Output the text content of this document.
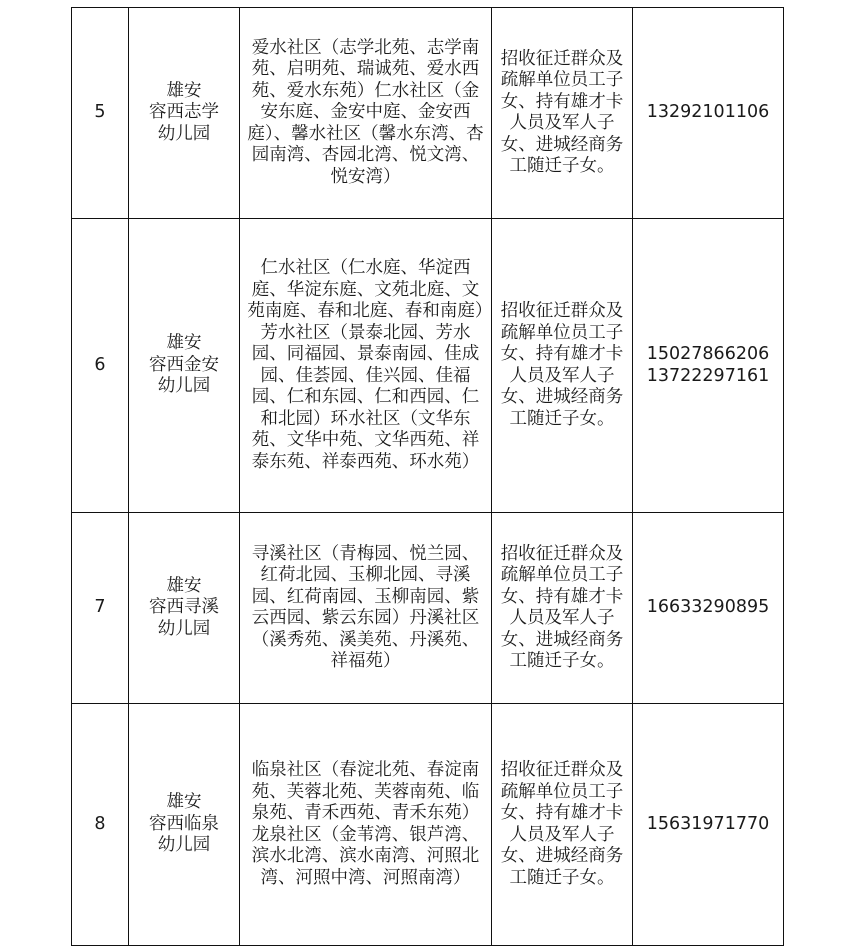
5	雄安
容西志学
幼儿园	爱水社区（志学北苑、志学南苑、启明苑、瑞诚苑、爱水西苑、爱水东苑）仁水社区（金安东庭、金安中庭、金安西庭）、馨水社区（馨水东湾、杏园南湾、杏园北湾、悦文湾、悦安湾）	招收征迁群众及疏解单位员工子女、持有雄才卡人员及军人子女、进城经商务工随迁子女。	13292101106

6	雄安
容西金安
幼儿园	仁水社区（仁水庭、华淀西庭、华淀东庭、文苑北庭、文苑南庭、春和北庭、春和南庭）芳水社区（景泰北园、芳水园、同福园、景泰南园、佳成园、佳荟园、佳兴园、佳福园、仁和东园、仁和西园、仁和北园）环水社区（文华东苑、文华中苑、文华西苑、祥泰东苑、祥泰西苑、环水苑）	招收征迁群众及疏解单位员工子女、持有雄才卡人员及军人子女、进城经商务工随迁子女。	15027866206
13722297161

7	雄安
容西寻溪
幼儿园	寻溪社区（青梅园、悦兰园、红荷北园、玉柳北园、寻溪园、红荷南园、玉柳南园、紫云西园、紫云东园）丹溪社区（溪秀苑、溪美苑、丹溪苑、祥福苑）	招收征迁群众及疏解单位员工子女、持有雄才卡人员及军人子女、进城经商务工随迁子女。	16633290895

8	雄安
容西临泉
幼儿园	临泉社区（春淀北苑、春淀南苑、芙蓉北苑、芙蓉南苑、临泉苑、青禾西苑、青禾东苑）龙泉社区（金苇湾、银芦湾、滨水北湾、滨水南湾、河照北湾、河照中湾、河照南湾）	招收征迁群众及疏解单位员工子女、持有雄才卡人员及军人子女、进城经商务工随迁子女。	15631971770
